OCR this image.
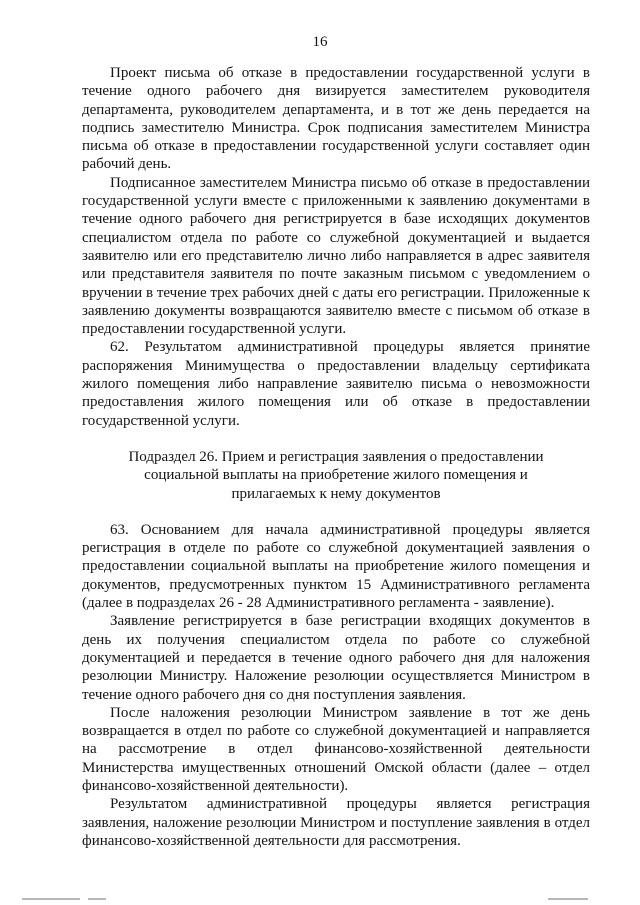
16

Проект письма об отказе в предоставлении государственной услуги в течение одного рабочего дня визируется заместителем руководителя департамента, руководителем департамента, и в тот же день передается на подпись заместителю Министра. Срок подписания заместителем Министра письма об отказе в предоставлении государственной услуги составляет один рабочий день.

Подписанное заместителем Министра письмо об отказе в предоставлении государственной услуги вместе с приложенными к заявлению документами в течение одного рабочего дня регистрируется в базе исходящих документов специалистом отдела по работе со служебной документацией и выдается заявителю или его представителю лично либо направляется в адрес заявителя или представителя заявителя по почте заказным письмом с уведомлением о вручении в течение трех рабочих дней с даты его регистрации. Приложенные к заявлению документы возвращаются заявителю вместе с письмом об отказе в предоставлении государственной услуги.

62. Результатом административной процедуры является принятие распоряжения Минимущества о предоставлении владельцу сертификата жилого помещения либо направление заявителю письма о невозможности предоставления жилого помещения или об отказе в предоставлении государственной услуги.

Подраздел 26. Прием и регистрация заявления о предоставлении социальной выплаты на приобретение жилого помещения и прилагаемых к нему документов

63. Основанием для начала административной процедуры является регистрация в отделе по работе со служебной документацией заявления о предоставлении социальной выплаты на приобретение жилого помещения и документов, предусмотренных пунктом 15 Административного регламента (далее в подразделах 26 - 28 Административного регламента - заявление).

Заявление регистрируется в базе регистрации входящих документов в день их получения специалистом отдела по работе со служебной документацией и передается в течение одного рабочего дня для наложения резолюции Министру. Наложение резолюции осуществляется Министром в течение одного рабочего дня со дня поступления заявления.

После наложения резолюции Министром заявление в тот же день возвращается в отдел по работе со служебной документацией и направляется на рассмотрение в отдел финансово-хозяйственной деятельности Министерства имущественных отношений Омской области (далее – отдел финансово-хозяйственной деятельности).

Результатом административной процедуры является регистрация заявления, наложение резолюции Министром и поступление заявления в отдел финансово-хозяйственной деятельности для рассмотрения.
